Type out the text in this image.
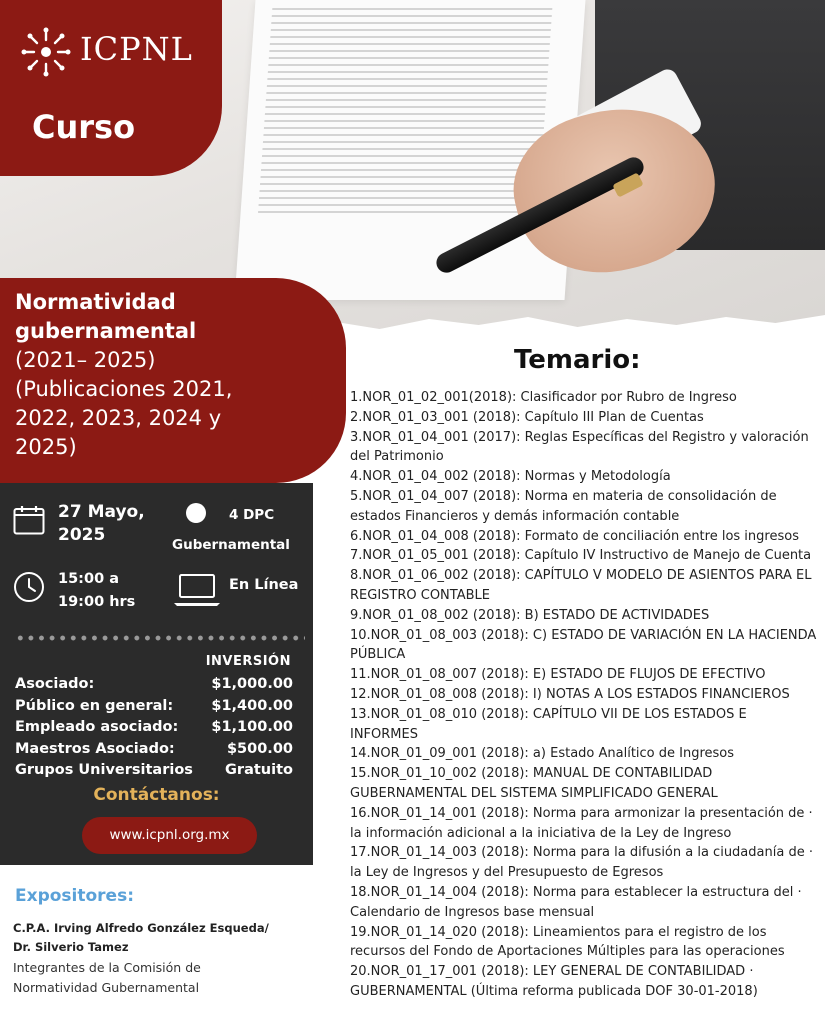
ICPNL
Curso
Normatividad
gubernamental
(2021– 2025)
(Publicaciones 2021,
2022, 2023, 2024 y
2025)
27 Mayo,
2025
4 DPC
Gubernamental
15:00 a
19:00 hrs
En Línea
INVERSIÓN
Asociado:	$1,000.00
Público en general:	$1,400.00
Empleado asociado: $1,100.00
Maestros Asociado:	$500.00
Grupos Universitarios Gratuito
Contáctanos:
www.icpnl.org.mx
Expositores:
C.P.A. Irving Alfredo González Esqueda/
Dr. Silverio Tamez
Integrantes de la Comisión de
Normatividad Gubernamental
Temario:
1.NOR_01_02_001(2018): Clasificador por Rubro de Ingreso
2.NOR_01_03_001 (2018): Capítulo III Plan de Cuentas
3.NOR_01_04_001 (2017): Reglas Específicas del Registro y valoración
del Patrimonio
4.NOR_01_04_002 (2018): Normas y Metodología
5.NOR_01_04_007 (2018): Norma en materia de consolidación de
estados Financieros y demás información contable
6.NOR_01_04_008 (2018): Formato de conciliación entre los ingresos
7.NOR_01_05_001 (2018): Capítulo IV Instructivo de Manejo de Cuenta
8.NOR_01_06_002 (2018): CAPÍTULO V MODELO DE ASIENTOS PARA EL
REGISTRO CONTABLE
9.NOR_01_08_002 (2018): B) ESTADO DE ACTIVIDADES
10.NOR_01_08_003 (2018): C) ESTADO DE VARIACIÓN EN LA HACIENDA
PÚBLICA
11.NOR_01_08_007 (2018): E) ESTADO DE FLUJOS DE EFECTIVO
12.NOR_01_08_008 (2018): I) NOTAS A LOS ESTADOS FINANCIEROS
13.NOR_01_08_010 (2018): CAPÍTULO VII DE LOS ESTADOS E
INFORMES
14.NOR_01_09_001 (2018): a) Estado Analítico de Ingresos
15.NOR_01_10_002 (2018): MANUAL DE CONTABILIDAD
GUBERNAMENTAL DEL SISTEMA SIMPLIFICADO GENERAL
16.NOR_01_14_001 (2018): Norma para armonizar la presentación de ·
la información adicional a la iniciativa de la Ley de Ingreso
17.NOR_01_14_003 (2018): Norma para la difusión a la ciudadanía de ·
la Ley de Ingresos y del Presupuesto de Egresos
18.NOR_01_14_004 (2018): Norma para establecer la estructura del ·
Calendario de Ingresos base mensual
19.NOR_01_14_020 (2018): Lineamientos para el registro de los
recursos del Fondo de Aportaciones Múltiples para las operaciones
20.NOR_01_17_001 (2018): LEY GENERAL DE CONTABILIDAD ·
GUBERNAMENTAL (Última reforma publicada DOF 30-01-2018)
